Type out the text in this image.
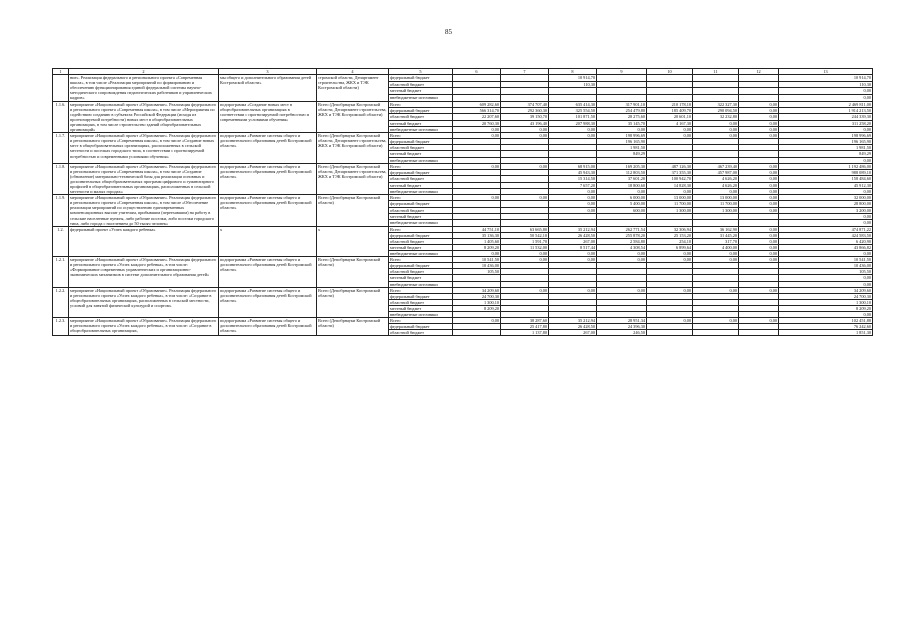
85
1	2	3	4	5	6	7	8	9	10	11	12	13
	ние». Реализация федерального и регионального проекта «Современная школа», в том числе «Реализация мероприятий по формированию и обеспечению функционирования единой федеральной системы научно-методического сопровождения педагогических работников и управленческих кадров»	мы общего и дополнительного образования детей Костромской области»	стромской области, Департамент строительства, ЖКХ и ТЭК Костромской области)	федеральный бюджет			10 914,70					10 914,70
				областной бюджет			110,30					110,30
				местный бюджет								0,00
				внебюджетные источники								0,00
1.1.6.	мероприятие «Национальный проект «Образование». Реализация федерального и регионального проекта «Современная школа», в том числе «Мероприятия по содействию созданию в субъектах Российской Федерации (исходя из прогнозируемой потребности) новых мест в общеобразовательных организациях, в том числе строительство зданий общеобразовательных организаций»	подпрограмма «Создание новых мест в общеобразовательных организациях в соответствии с прогнозируемой потребностью и современными условиями обучения»	Всего (Депобрнауки Костромской области, Департамент строительства, ЖКХ и ТЭК Костромской области)	Всего	609 282,60	374 707,40	635 414,30	317 901,10	210 178,10	322 327,30	0,00	2 469 811,00
				федеральный бюджет	566 314,70	292 360,30	325 554,50	254 479,80	185 409,70	290 094,50	0,00	1 914 213,50
				областной бюджет	22 207,60	39 150,70	101 871,50	28 275,60	20 601,10	32 232,80	0,00	244 339,30
				местный бюджет	20 760,30	43 196,40	207 988,30	35 145,70	4 167,30	0,00	0,00	311 258,20
				внебюджетные источники	0,00	0,00	0,00	0,00	0,00	0,00	0,00	0,00
1.1.7.	мероприятие «Национальный проект «Образование». Реализация федерального и регионального проекта «Современная школа», в том числе «Создание новых мест в общеобразовательных организациях, расположенных в сельской местности и поселках городского типа, в соответствии с прогнозируемой потребностью и современными условиями обучения»	подпрограмма «Развитие системы общего и дополнительного образования детей Костромской области»	Всего (Депобрнауки Костромской области, Департамент строительства, ЖКХ и ТЭК Костромской области)	Всего	0,00	0,00	0,00	198 996,69	0,00	0,00	0,00	198 996,69
				федеральный бюджет				196 165,90				196 165,90
				областной бюджет				1 981,50				1 981,50
				местный бюджет				849,29				849,29
				внебюджетные источники								0,00
1.1.8.	мероприятие «Национальный проект «Образование». Реализация федерального и регионального проекта «Современная школа», в том числе «Создание (обновление) материально-технической базы для реализации основных и дополнительных общеобразовательных программ цифрового и гуманитарного профилей в общеобразовательных организациях, расположенных в сельской местности и малых городах»	подпрограмма «Развитие системы общего и дополнительного образования детей Костромской области»	Всего (Депобрнауки Костромской области, Департамент строительства, ЖКХ и ТЭК Костромской области)	Всего	0,00	0,00	68 915,00	169 205,30	487 126,30	467 239,40	0,00	1 192 486,00
				федеральный бюджет			45 943,30	112 803,50	371 355,30	457 987,00	0,00	988 089,10
				областной бюджет			15 314,50	37 601,20	100 942,70	4 626,20	0,00	158 484,60
				местный бюджет			7 657,20	18 800,60	14 828,30	4 626,20	0,00	45 912,30
				внебюджетные источники			0,00	0,00	0,00	0,00	0,00	0,00
1.1.9.	мероприятие «Национальный проект «Образование». Реализация федерального и регионального проекта «Современная школа», в том числе «Обеспечение реализации мероприятий по осуществлению единовременных компенсационных выплат учителям, прибывшим (переехавшим) на работу в сельские населенные пункты, либо рабочие поселки, либо поселки городского типа, либо города с населением до 50 тысяч человек»	подпрограмма «Развитие системы общего и дополнительного образования детей Костромской области»	Всего (Депобрнауки Костромской области)	Всего	0,00	0,00	0,00	6 000,00	13 000,00	13 000,00	0,00	32 000,00
				федеральный бюджет			0,00	5 400,00	11 700,00	11 700,00	0,00	28 800,00
				областной бюджет			0,00	600,00	1 300,00	1 300,00	0,00	3 200,00
				местный бюджет								0,00
				внебюджетные источники								0,00
1.2.	федеральный проект «Успех каждого ребенка»	х	х	Всего	44 751,10	63 665,80	35 212,94	262 771,54	32 306,94	36 162,90	0,00	474 871,22
				федеральный бюджет	35 136,30	50 542,10	26 428,50	255 878,20	25 153,20	31 445,20	0,00	424 583,50
				областной бюджет	1 405,60	1 591,70	267,00	2 584,80	254,10	317,70	0,00	6 420,90
				местный бюджет	8 209,20	11 532,00	8 517,44	4 308,54	6 899,64	4 400,00	0,00	43 866,82
				внебюджетные источники	0,00	0,00	0,00	0,00	0,00	0,00	0,00	0,00
1.2.1.	мероприятие «Национальный проект «Образование». Реализация федерального и регионального проекта «Успех каждого ребенка», в том числе: «Формирование современных управленческих и организационно-экономических механизмов в системе дополнительного образования детей»	подпрограмма «Развитие системы общего и дополнительного образования детей Костромской области»	Всего (Депобрнауки Костромской области)	Всего	10 541,50	0,00	0,00	0,00	0,00	0,00	0,00	10 541,50
				федеральный бюджет	10 436,00							10 436,00
				областной бюджет	105,50							105,50
				местный бюджет								0,00
				внебюджетные источники								0,00
1.2.2.	мероприятие «Национальный проект «Образование». Реализация федерального и регионального проекта «Успех каждого ребенка», в том числе: «Создание в общеобразовательных организациях, расположенных в сельской местности, условий для занятий физической культурой и спортом»	подпрограмма «Развитие системы общего и дополнительного образования детей Костромской области»	Всего (Депобрнауки Костромской области)	Всего	34 209,60	0,00	0,00	0,00	0,00	0,00	0,00	34 209,60
				федеральный бюджет	24 700,30							24 700,30
				областной бюджет	1 300,10							1 300,10
				местный бюджет	8 209,20							8 209,20
				внебюджетные источники								0,00
1.2.3.	мероприятие «Национальный проект «Образование». Реализация федерального и регионального проекта «Успех каждого ребенка», в том числе: «Создание в общеобразовательных организациях,	подпрограмма «Развитие системы общего и дополнительного образования детей Костромской области»	Всего (Депобрнауки Костромской области)	Всего	0,00	38 287,60	35 212,94	28 951,34	0,00	0,00	0,00	102 451,88
				федеральный бюджет		25 417,80	26 428,50	24 396,30				76 242,60
				областной бюджет		1 137,80	267,00	246,50				1 851,30
